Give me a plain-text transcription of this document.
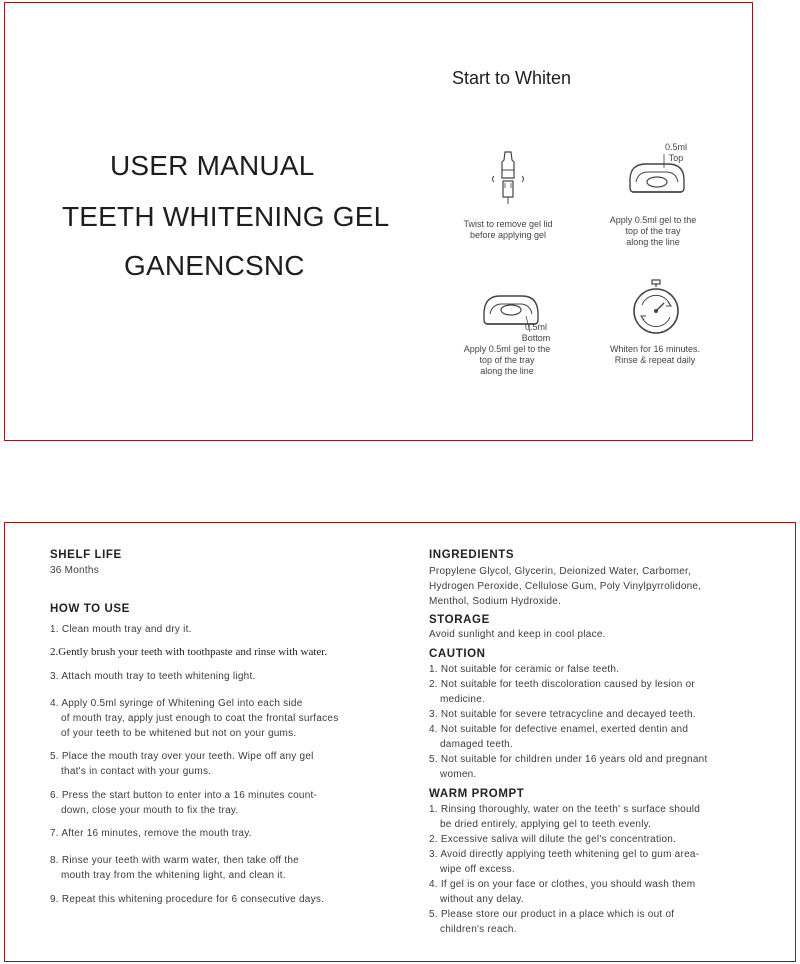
USER MANUAL
TEETH WHITENING GEL
GANENCSNC
Start to Whiten
Twist to remove gel lid
before applying gel
0.5ml
Top
Apply 0.5ml gel to the
top of the tray
along the line
0.5ml
Bottom
Apply 0.5ml gel to the
top of the tray
along the line
Whiten for 16 minutes.
Rinse & repeat daily
SHELF LIFE
36 Months
HOW TO USE
1. Clean mouth tray and dry it.
2.Gently brush your teeth with toothpaste and rinse with water.
3. Attach mouth tray to teeth whitening light.
4. Apply 0.5ml syringe of Whitening Gel into each side
of mouth tray, apply just enough to coat the frontal surfaces
of your teeth to be whitened but not on your gums.
5. Place the mouth tray over your teeth. Wipe off any gel
that's in contact with your gums.
6. Press the start button to enter into a 16 minutes count-
down, close your mouth to fix the tray.
7. After 16 minutes, remove the mouth tray.
8. Rinse your teeth with warm water, then take off the
mouth tray from the whitening light, and clean it.
9. Repeat this whitening procedure for 6 consecutive days.
INGREDIENTS
Propylene Glycol, Glycerin, Deionized Water, Carbomer,
Hydrogen Peroxide, Cellulose Gum, Poly Vinylpyrrolidone,
Menthol, Sodium Hydroxide.
STORAGE
Avoid sunlight and keep in cool place.
CAUTION
1. Not suitable for ceramic or false teeth.
2. Not suitable for teeth discoloration caused by lesion or
medicine.
3. Not suitable for severe tetracycline and decayed teeth.
4. Not suitable for defective enamel, exerted dentin and
damaged teeth.
5. Not suitable for children under 16 years old and pregnant
women.
WARM PROMPT
1. Rinsing thoroughly, water on the teeth' s surface should
be dried entirely, applying gel to teeth evenly.
2. Excessive saliva will dilute the gel's concentration.
3. Avoid directly applying teeth whitening gel to gum area-
wipe off excess.
4. If gel is on your face or clothes, you should wash them
without any delay.
5. Please store our product in a place which is out of
children's reach.
